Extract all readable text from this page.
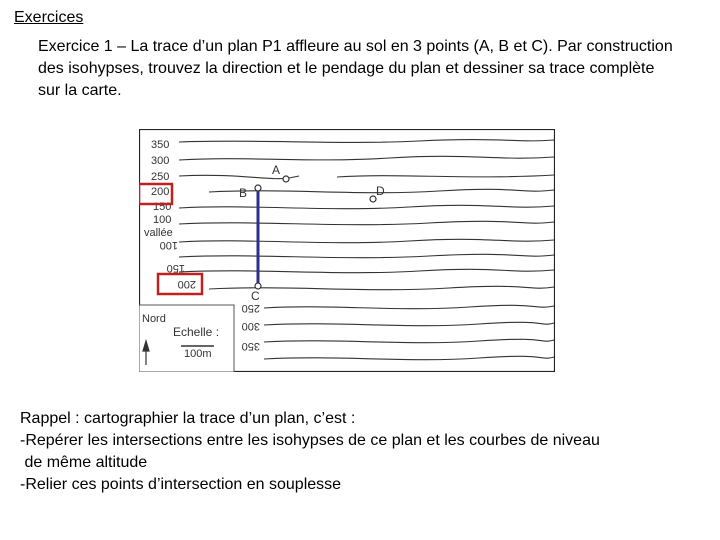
Exercices

Exercice 1 – La trace d’un plan P1 affleure au sol en 3 points (A, B et C). Par construction des isohypses, trouvez la direction et le pendage du plan et dessiner sa trace complète sur la carte.

350
300
250
200
150
100
vallée
100
150
200
250
300
350
A
B
C
D
Nord
Echelle :
100m
Rappel : cartographier la trace d’un plan, c’est :
-Repérer les intersections entre les isohypses de ce plan et les courbes de niveau
de même altitude
-Relier ces points d’intersection en souplesse
